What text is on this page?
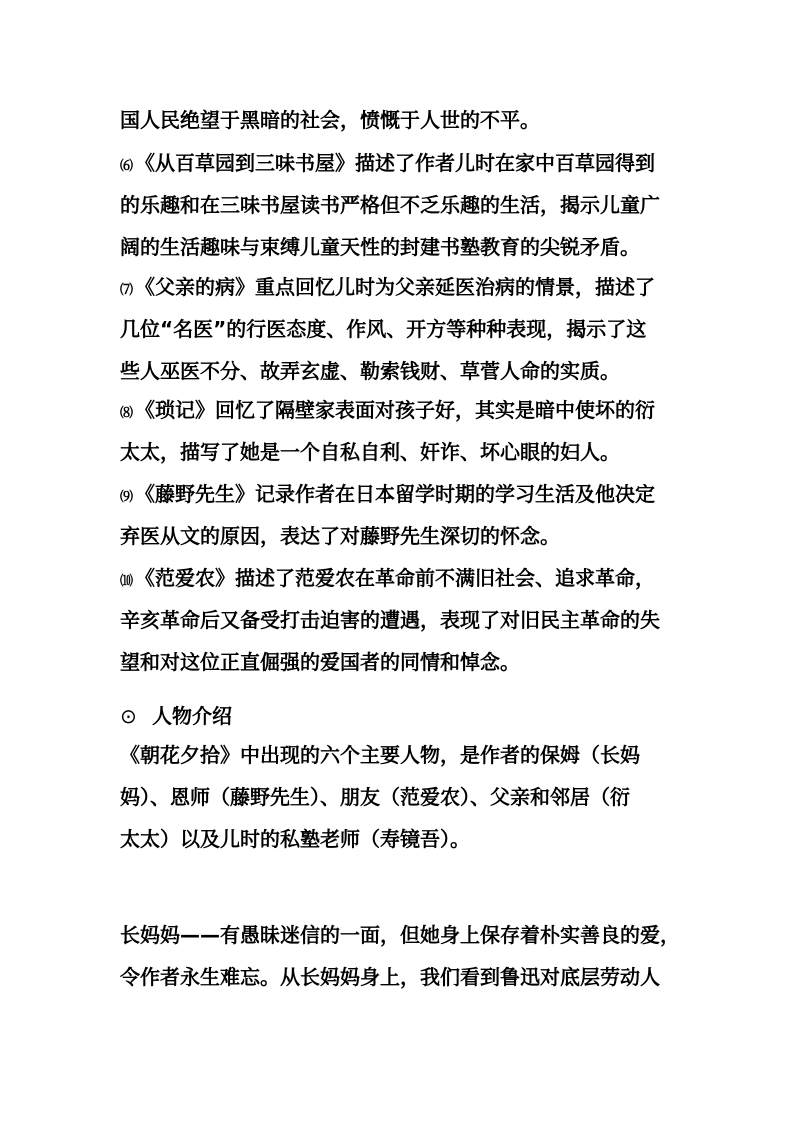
国人民绝望于黑暗的社会，愤慨于人世的不平。
⑹ 《从百草园到三味书屋》描述了作者儿时在家中百草园得到
的乐趣和在三味书屋读书严格但不乏乐趣的生活，揭示儿童广
阔的生活趣味与束缚儿童天性的封建书塾教育的尖锐矛盾。
⑺ 《父亲的病》重点回忆儿时为父亲延医治病的情景，描述了
几位“名医”的行医态度、作风、开方等种种表现，揭示了这
些人巫医不分、故弄玄虚、勒索钱财、草菅人命的实质。
⑻ 《琐记》回忆了隔壁家表面对孩子好，其实是暗中使坏的衍
太太，描写了她是一个自私自利、奸诈、坏心眼的妇人。
⑼ 《藤野先生》记录作者在日本留学时期的学习生活及他决定
弃医从文的原因，表达了对藤野先生深切的怀念。
⑽ 《范爱农》描述了范爱农在革命前不满旧社会、追求革命，
辛亥革命后又备受打击迫害的遭遇，表现了对旧民主革命的失
望和对这位正直倔强的爱国者的同情和悼念。
⊙ 人物介绍
《朝花夕拾》中出现的六个主要人物，是作者的保姆（长妈
妈）、恩师（藤野先生）、朋友（范爱农）、父亲和邻居（衍
太太）以及儿时的私塾老师（寿镜吾）。
长妈妈——有愚昧迷信的一面，但她身上保存着朴实善良的爱，
令作者永生难忘。从长妈妈身上，我们看到鲁迅对底层劳动人
